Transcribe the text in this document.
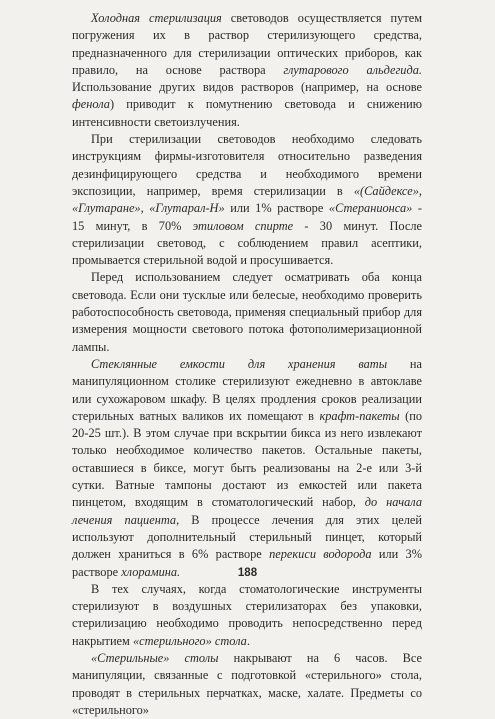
Холодная стерилизация световодов осуществляется путем погружения их в раствор стерилизующего средства, предназначенного для стерилизации оптических приборов, как правило, на основе раствора глутарового альдегида. Использование других видов растворов (например, на основе фенола) приводит к помутнению световода и снижению интенсивности светоизлучения.

При стерилизации световодов необходимо следовать инструкциям фирмы-изготовителя относительно разведения дезинфицирующего средства и необходимого времени экспозиции, например, время стерилизации в «(Сайдексе», «Глутаранe», «Глутарал-Н» или 1% растворе «Стеранионса» - 15 минут, в 70% этиловом спирте - 30 минут. После стерилизации световод, с соблюдением правил асептики, промывается стерильной водой и просушивается.

Перед использованием следует осматривать оба конца световода. Если они тусклые или белесые, необходимо проверить работоспособность световода, применяя специальный прибор для измерения мощности светового потока фотополимеризационной лампы.

Стеклянные емкости для хранения ваты на манипуляционном столике стерилизуют ежедневно в автоклаве или сухожаровом шкафу. В целях продления сроков реализации стерильных ватных валиков их помещают в крафт-пакеты (по 20-25 шт.). В этом случае при вскрытии бикса из него извлекают только необходимое количество пакетов. Остальные пакеты, оставшиеся в биксе, могут быть реализованы на 2-е или 3-й сутки. Ватные тампоны достают из емкостей или пакета пинцетом, входящим в стоматологический набор, до начала лечения пациента, В процессе лечения для этих целей используют дополнительный стерильный пинцет, который должен храниться в 6% растворе перекиси водорода или 3% растворе хлорамина.

В тех случаях, когда стоматологические инструменты стерилизуют в воздушных стерилизаторах без упаковки, стерилизацию необходимо проводить непосредственно перед накрытием «стерильного» стола.

«Стерильные» столы накрывают на 6 часов. Все манипуляции, связанные с подготовкой «стерильного» стола, проводят в стерильных перчатках, маске, халате. Предметы со «стерильного»

188
